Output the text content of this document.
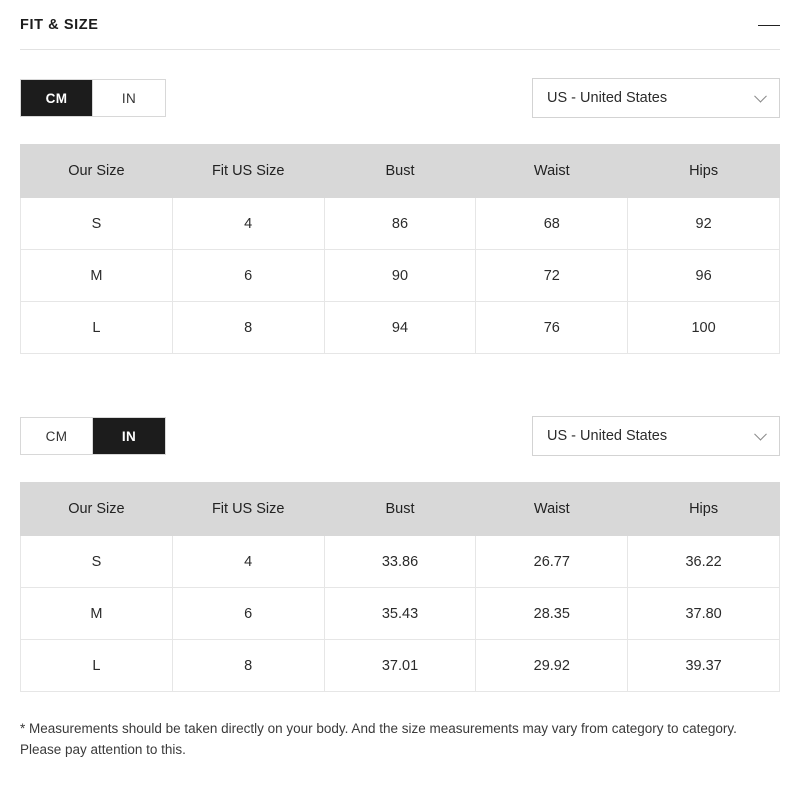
FIT & SIZE
CM	IN	US - United States
Our Size	Fit US Size	Bust	Waist	Hips
S	4	86	68	92
M	6	90	72	96
L	8	94	76	100
CM	IN	US - United States
Our Size	Fit US Size	Bust	Waist	Hips
S	4	33.86	26.77	36.22
M	6	35.43	28.35	37.80
L	8	37.01	29.92	39.37
* Measurements should be taken directly on your body. And the size measurements may vary from category to category. Please pay attention to this.
